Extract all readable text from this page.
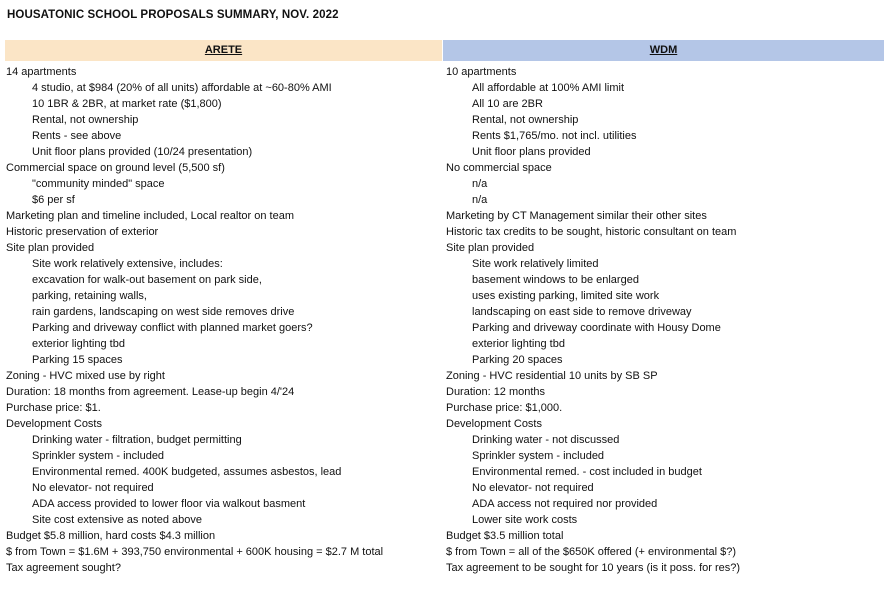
HOUSATONIC SCHOOL PROPOSALS SUMMARY, NOV. 2022
ARETE	WDM
14 apartments
4 studio, at $984 (20% of all units) affordable at ~60-80% AMI
10 1BR & 2BR, at market rate ($1,800)
Rental, not ownership
Rents - see above
Unit floor plans provided (10/24 presentation)
Commercial space on ground level (5,500 sf)
"community minded" space
$6 per sf
Marketing plan and timeline included, Local realtor on team
Historic preservation of exterior
Site plan provided
Site work relatively extensive, includes:
excavation for walk-out basement on park side,
parking, retaining walls,
rain gardens, landscaping on west side removes drive
Parking and driveway conflict with planned market goers?
exterior lighting tbd
Parking 15 spaces
Zoning - HVC mixed use by right
Duration: 18 months from agreement. Lease-up begin 4/'24
Purchase price: $1.
Development Costs
Drinking water - filtration, budget permitting
Sprinkler system - included
Environmental remed. 400K budgeted, assumes asbestos, lead
No elevator- not required
ADA access provided to lower floor via walkout basment
Site cost extensive as noted above
Budget $5.8 million, hard costs $4.3 million
$ from Town = $1.6M + 393,750 environmental + 600K housing = $2.7 M total
Tax agreement sought?
10 apartments
All affordable at 100% AMI limit
All 10 are 2BR
Rental, not ownership
Rents $1,765/mo. not incl. utilities
Unit floor plans provided
No commercial space
n/a
n/a
Marketing by CT Management similar their other sites
Historic tax credits to be sought, historic consultant on team
Site plan provided
Site work relatively limited
basement windows to be enlarged
uses existing parking, limited site work
landscaping on east side to remove driveway
Parking and driveway coordinate with Housy Dome
exterior lighting tbd
Parking 20 spaces
Zoning - HVC residential 10 units by SB SP
Duration: 12 months
Purchase price: $1,000.
Development Costs
Drinking water - not discussed
Sprinkler system - included
Environmental remed. - cost included in budget
No elevator- not required
ADA access not required nor provided
Lower site work costs
Budget $3.5 million total
$ from Town = all of the $650K offered (+ environmental $?)
Tax agreement to be sought for 10 years (is it poss. for res?)
